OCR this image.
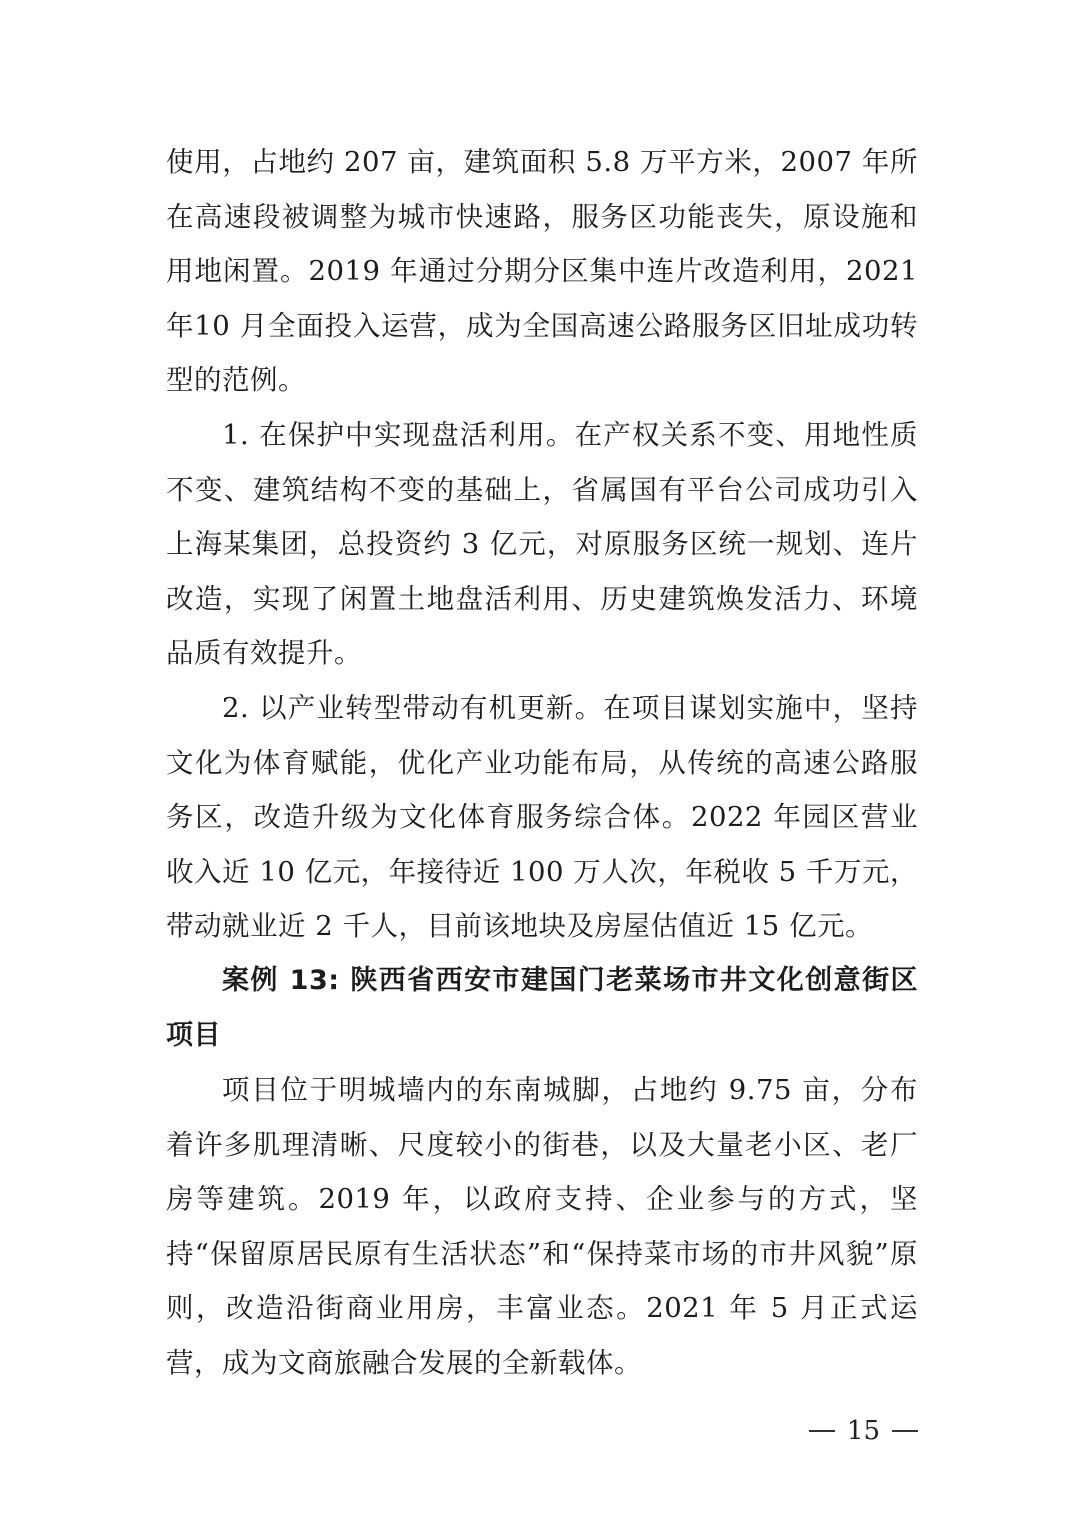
使用，占地约 207 亩，建筑面积 5.8 万平方米，2007 年所在高速段被调整为城市快速路，服务区功能丧失，原设施和用地闲置。2019 年通过分期分区集中连片改造利用，2021 年10 月全面投入运营，成为全国高速公路服务区旧址成功转型的范例。

1. 在保护中实现盘活利用。在产权关系不变、用地性质不变、建筑结构不变的基础上，省属国有平台公司成功引入上海某集团，总投资约 3 亿元，对原服务区统一规划、连片改造，实现了闲置土地盘活利用、历史建筑焕发活力、环境品质有效提升。

2. 以产业转型带动有机更新。在项目谋划实施中，坚持文化为体育赋能，优化产业功能布局，从传统的高速公路服务区，改造升级为文化体育服务综合体。2022 年园区营业收入近 10 亿元，年接待近 100 万人次，年税收 5 千万元，带动就业近 2 千人，目前该地块及房屋估值近 15 亿元。

案例 13: 陕西省西安市建国门老菜场市井文化创意街区项目

项目位于明城墙内的东南城脚，占地约 9.75 亩，分布着许多肌理清晰、尺度较小的街巷，以及大量老小区、老厂房等建筑。2019 年，以政府支持、企业参与的方式，坚持“保留原居民原有生活状态”和“保持菜市场的市井风貌”原则，改造沿街商业用房，丰富业态。2021 年 5 月正式运营，成为文商旅融合发展的全新载体。

15
